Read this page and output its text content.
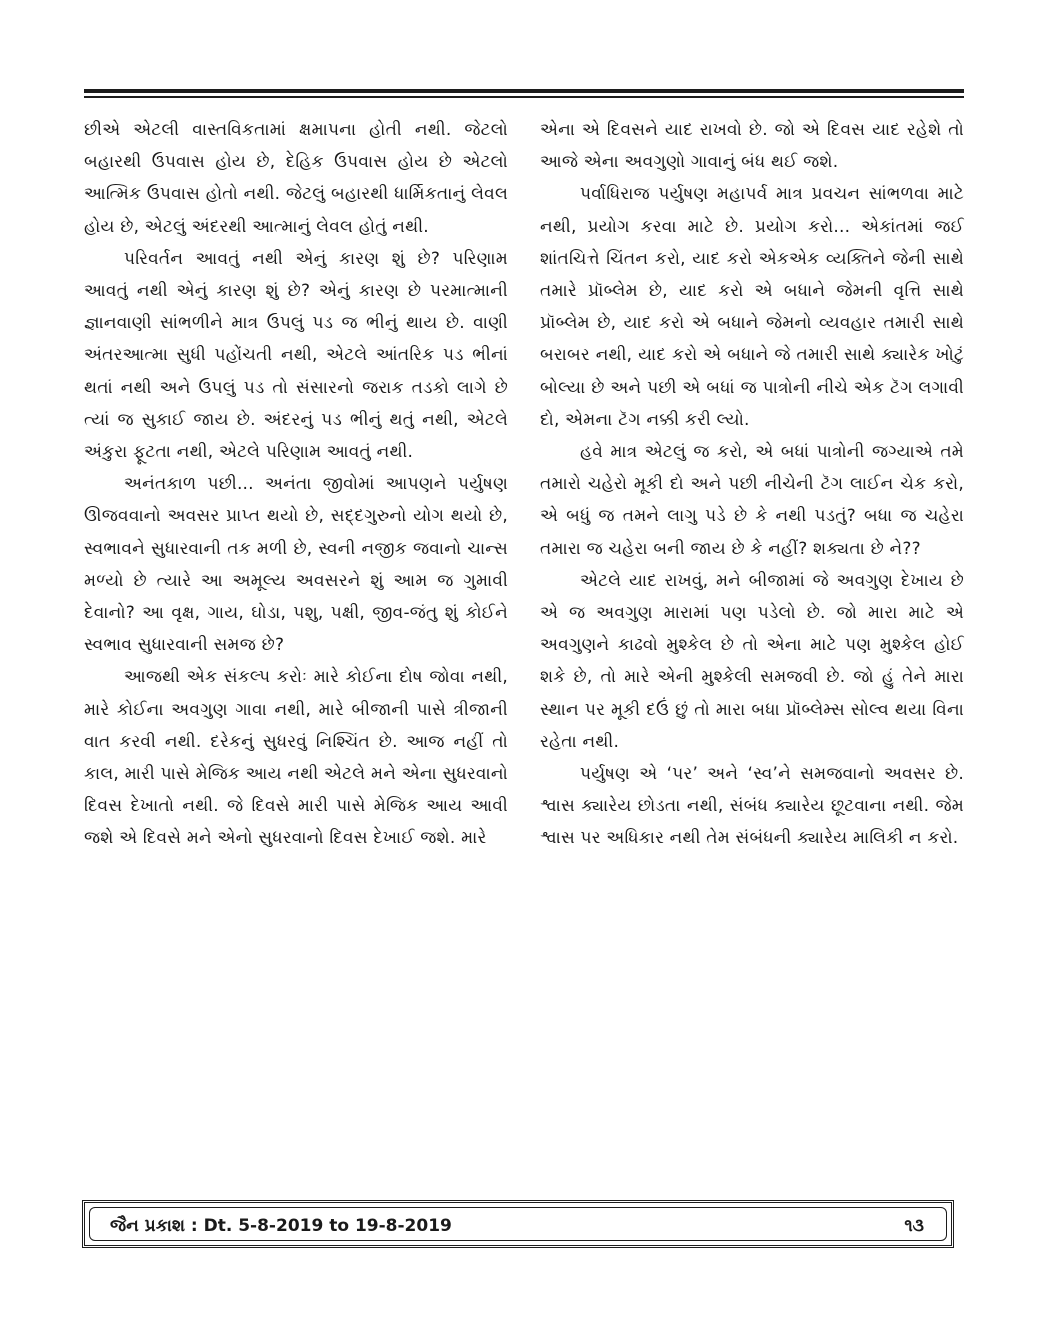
છીએ એટલી વાસ્તવિકતામાં ક્ષમાપના હોતી નથી. જેટલો બહારથી ઉપવાસ હોય છે, દેહિક ઉપવાસ હોય છે એટલો આત્મિક ઉપવાસ હોતો નથી. જેટલું બહારથી ધાર્મિકતાનું લેવલ હોય છે, એટલું અંદરથી આત્માનું લેવલ હોતું નથી.

પરિવર્તન આવતું નથી એનું કારણ શું છે? પરિણામ આવતું નથી એનું કારણ શું છે? એનું કારણ છે પરમાત્માની જ્ઞાનવાણી સાંભળીને માત્ર ઉપલું પડ જ ભીનું થાય છે. વાણી અંતરઆત્મા સુધી પહોંચતી નથી, એટલે આંતરિક પડ ભીનાં થતાં નથી અને ઉપલું પડ તો સંસારનો જરાક તડકો લાગે છે ત્યાં જ સુકાઈ જાય છે. અંદરનું પડ ભીનું થતું નથી, એટલે અંકુરા ફૂટતા નથી, એટલે પરિણામ આવતું નથી.

અનંતકાળ પછી... અનંતા જીવોમાં આપણને પર્યુષણ ઊજવવાનો અવસર પ્રાપ્ત થયો છે, સદ્દગુરુનો યોગ થયો છે, સ્વભાવને સુધારવાની તક મળી છે, સ્વની નજીક જવાનો ચાન્સ મળ્યો છે ત્યારે આ અમૂલ્ય અવસરને શું આમ જ ગુમાવી દેવાનો? આ વૃક્ષ, ગાય, ઘોડા, પશુ, પક્ષી, જીવ-જંતુ શું કોઈને સ્વભાવ સુધારવાની સમજ છે?

આજથી એક સંકલ્પ કરોઃ મારે કોઈના દોષ જોવા નથી, મારે કોઈના અવગુણ ગાવા નથી, મારે બીજાની પાસે ત્રીજાની વાત કરવી નથી. દરેકનું સુધરવું નિશ્ચિંત છે. આજ નહીં તો કાલ, મારી પાસે મેજિક આય નથી એટલે મને એના સુધરવાનો દિવસ દેખાતો નથી. જે દિવસે મારી પાસે મેજિક આય આવી જશે એ દિવસે મને એનો સુધરવાનો દિવસ દેખાઈ જશે. મારે

એના એ દિવસને યાદ રાખવો છે. જો એ દિવસ યાદ રહેશે તો આજે એના અવગુણો ગાવાનું બંધ થઈ જશે.

પર્વાધિરાજ પર્યુષણ મહાપર્વ માત્ર પ્રવચન સાંભળવા માટે નથી, પ્રયોગ કરવા માટે છે. પ્રયોગ કરો... એકાંતમાં જઈ શાંતચિત્તે ચિંતન કરો, યાદ કરો એકએક વ્યક્તિને જેની સાથે તમારે પ્રૉબ્લેમ છે, યાદ કરો એ બધાને જેમની વૃત્તિ સાથે પ્રૉબ્લેમ છે, યાદ કરો એ બધાને જેમનો વ્યવહાર તમારી સાથે બરાબર નથી, યાદ કરો એ બધાને જે તમારી સાથે ક્યારેક ખોટું બોલ્યા છે અને પછી એ બધાં જ પાત્રોની નીચે એક ટૅગ લગાવી દો, એમના ટૅગ નક્કી કરી લ્યો.

હવે માત્ર એટલું જ કરો, એ બધાં પાત્રોની જગ્યાએ તમે તમારો ચહેરો મૂકી દો અને પછી નીચેની ટૅગ લાઈન ચેક કરો, એ બધું જ તમને લાગુ પડે છે કે નથી પડતું? બધા જ ચહેરા તમારા જ ચહેરા બની જાય છે કે નહીં? શક્યતા છે ને??

એટલે યાદ રાખવું, મને બીજામાં જે અવગુણ દેખાય છે એ જ અવગુણ મારામાં પણ પડેલો છે. જો મારા માટે એ અવગુણને કાઢવો મુશ્કેલ છે તો એના માટે પણ મુશ્કેલ હોઈ શકે છે, તો મારે એની મુશ્કેલી સમજવી છે. જો હું તેને મારા સ્થાન પર મૂકી દઉં છું તો મારા બધા પ્રૉબ્લેમ્સ સોલ્વ થયા વિના રહેતા નથી.

પર્યુષણ એ ‘પર’ અને ‘સ્વ’ને સમજવાનો અવસર છે. શ્વાસ ક્યારેય છોડતા નથી, સંબંધ ક્યારેય છૂટવાના નથી. જેમ શ્વાસ પર અધિકાર નથી તેમ સંબંધની ક્યારેય માલિકી ન કરો.

જૈન પ્રકાશ : Dt. 5-8-2019 to 19-8-2019	૧૩
